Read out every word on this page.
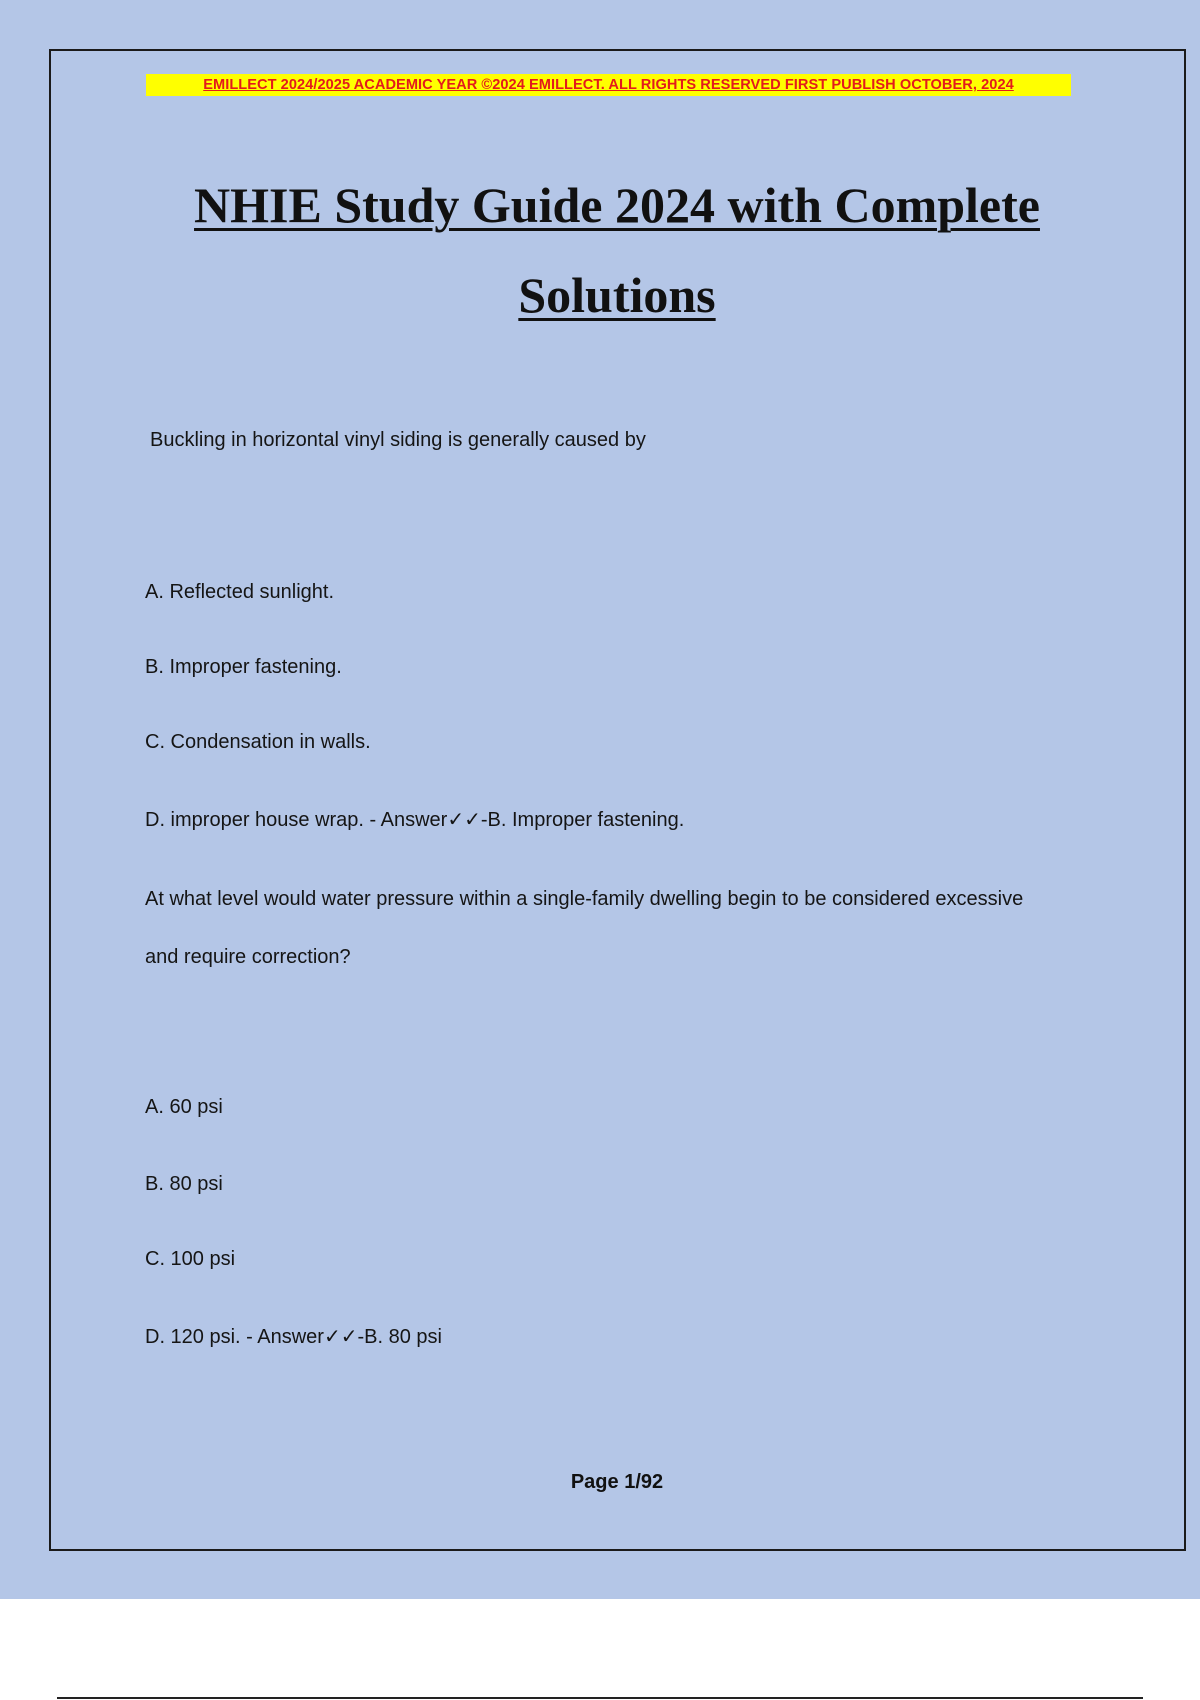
EMILLECT 2024/2025 ACADEMIC YEAR ©2024 EMILLECT. ALL RIGHTS RESERVED FIRST PUBLISH OCTOBER, 2024
NHIE Study Guide 2024 with Complete Solutions
Buckling in horizontal vinyl siding is generally caused by
A. Reflected sunlight.
B. Improper fastening.
C. Condensation in walls.
D. improper house wrap. - Answer✓✓-B. Improper fastening.
At what level would water pressure within a single-family dwelling begin to be considered excessive and require correction?
A. 60 psi
B. 80 psi
C. 100 psi
D. 120 psi. - Answer✓✓-B. 80 psi
Page 1/92
